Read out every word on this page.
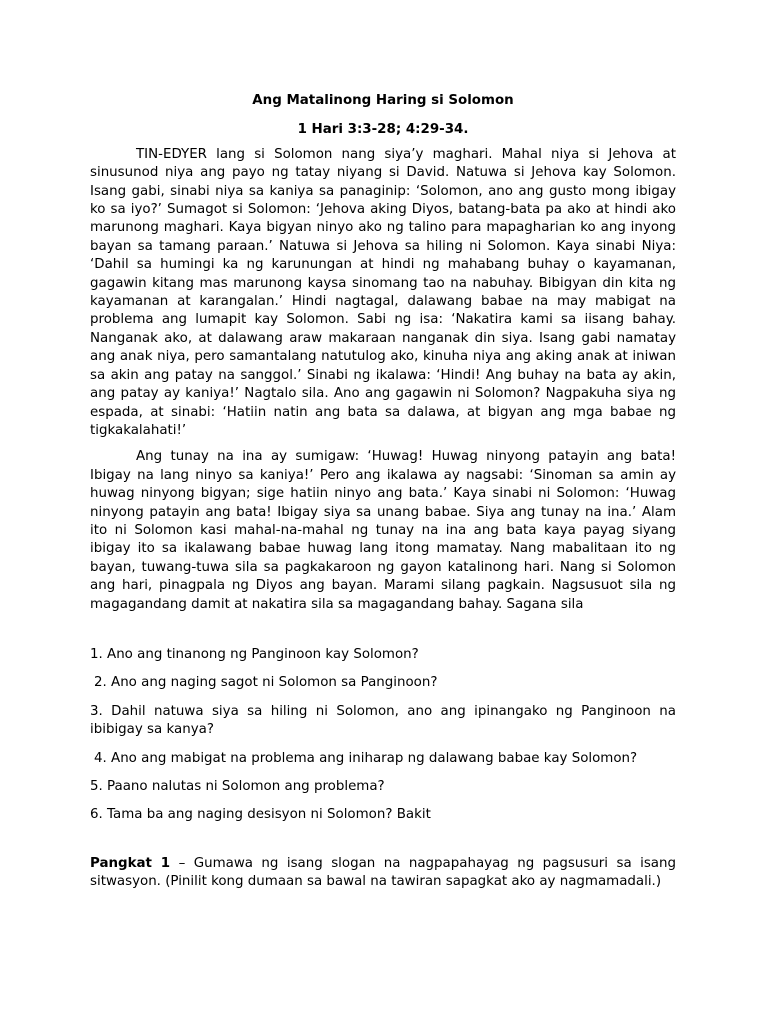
Ang Matalinong Haring si Solomon
1 Hari 3:3-28; 4:29-34.

TIN-EDYER lang si Solomon nang siya’y maghari. Mahal niya si Jehova at sinusunod niya ang payo ng tatay niyang si David. Natuwa si Jehova kay Solomon. Isang gabi, sinabi niya sa kaniya sa panaginip: ‘Solomon, ano ang gusto mong ibigay ko sa iyo?’ Sumagot si Solomon: ‘Jehova aking Diyos, batang-bata pa ako at hindi ako marunong maghari. Kaya bigyan ninyo ako ng talino para mapagharian ko ang inyong bayan sa tamang paraan.’ Natuwa si Jehova sa hiling ni Solomon. Kaya sinabi Niya: ‘Dahil sa humingi ka ng karunungan at hindi ng mahabang buhay o kayamanan, gagawin kitang mas marunong kaysa sinomang tao na nabuhay. Bibigyan din kita ng kayamanan at karangalan.’ Hindi nagtagal, dalawang babae na may mabigat na problema ang lumapit kay Solomon. Sabi ng isa: ‘Nakatira kami sa iisang bahay. Nanganak ako, at dalawang araw makaraan nanganak din siya. Isang gabi namatay ang anak niya, pero samantalang natutulog ako, kinuha niya ang aking anak at iniwan sa akin ang patay na sanggol.’ Sinabi ng ikalawa: ‘Hindi! Ang buhay na bata ay akin, ang patay ay kaniya!’ Nagtalo sila. Ano ang gagawin ni Solomon? Nagpakuha siya ng espada, at sinabi: ‘Hatiin natin ang bata sa dalawa, at bigyan ang mga babae ng tigkakalahati!’

Ang tunay na ina ay sumigaw: ‘Huwag! Huwag ninyong patayin ang bata! Ibigay na lang ninyo sa kaniya!’ Pero ang ikalawa ay nagsabi: ‘Sinoman sa amin ay huwag ninyong bigyan; sige hatiin ninyo ang bata.’ Kaya sinabi ni Solomon: ‘Huwag ninyong patayin ang bata! Ibigay siya sa unang babae. Siya ang tunay na ina.’ Alam ito ni Solomon kasi mahal-na-mahal ng tunay na ina ang bata kaya payag siyang ibigay ito sa ikalawang babae huwag lang itong mamatay. Nang mabalitaan ito ng bayan, tuwang-tuwa sila sa pagkakaroon ng gayon katalinong hari. Nang si Solomon ang hari, pinagpala ng Diyos ang bayan. Marami silang pagkain. Nagsusuot sila ng magagandang damit at nakatira sila sa magagandang bahay. Sagana sila

1. Ano ang tinanong ng Panginoon kay Solomon?
2. Ano ang naging sagot ni Solomon sa Panginoon?
3. Dahil natuwa siya sa hiling ni Solomon, ano ang ipinangako ng Panginoon na ibibigay sa kanya?
4. Ano ang mabigat na problema ang iniharap ng dalawang babae kay Solomon?
5. Paano nalutas ni Solomon ang problema?
6. Tama ba ang naging desisyon ni Solomon? Bakit
Pangkat 1 – Gumawa ng isang slogan na nagpapahayag ng pagsusuri sa isang sitwasyon. (Pinilit kong dumaan sa bawal na tawiran sapagkat ako ay nagmamadali.)
